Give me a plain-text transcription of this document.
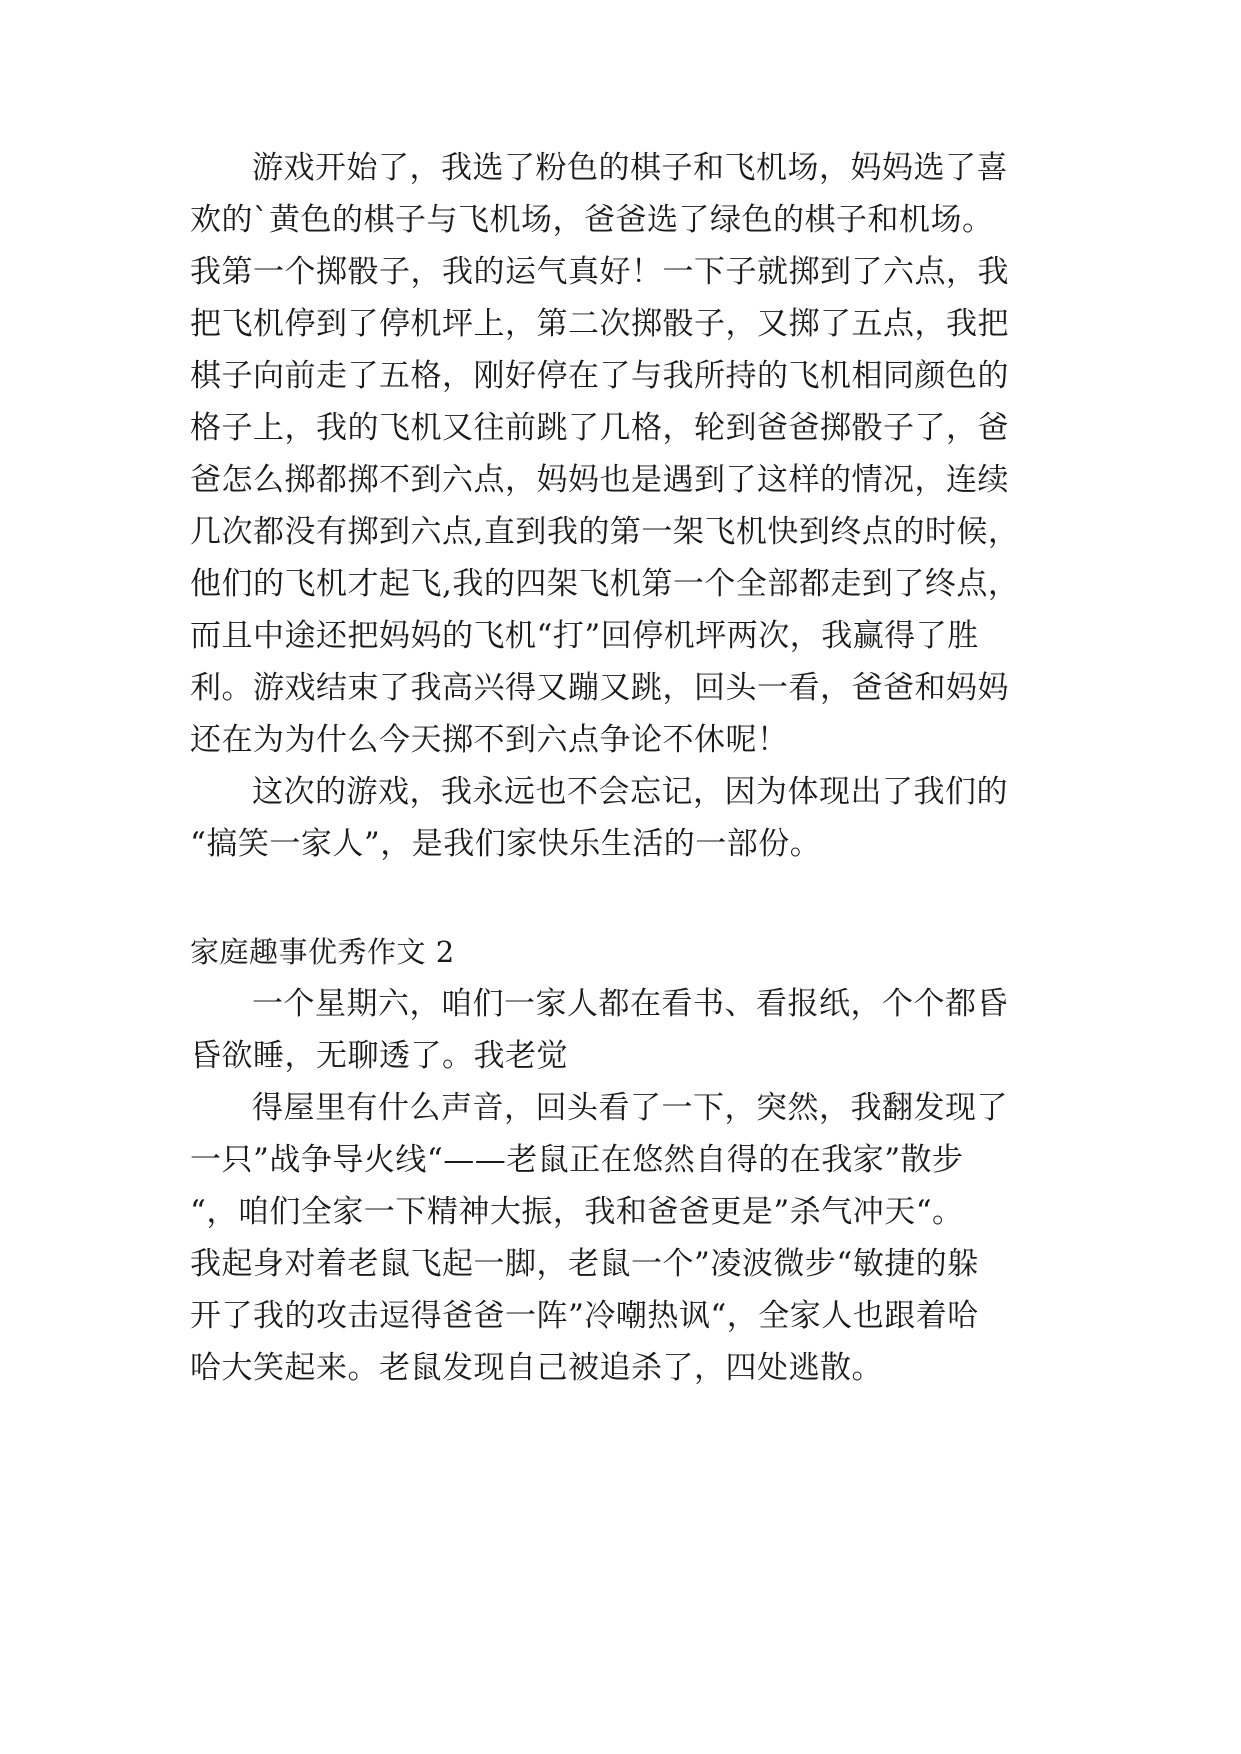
游戏开始了，我选了粉色的棋子和飞机场，妈妈选了喜
欢的`黄色的棋子与飞机场，爸爸选了绿色的棋子和机场。
我第一个掷骰子，我的运气真好！一下子就掷到了六点，我
把飞机停到了停机坪上，第二次掷骰子，又掷了五点，我把
棋子向前走了五格，刚好停在了与我所持的飞机相同颜色的
格子上，我的飞机又往前跳了几格，轮到爸爸掷骰子了，爸
爸怎么掷都掷不到六点，妈妈也是遇到了这样的情况，连续
几次都没有掷到六点,直到我的第一架飞机快到终点的时候，
他们的飞机才起飞,我的四架飞机第一个全部都走到了终点，
而且中途还把妈妈的飞机“打”回停机坪两次，我赢得了胜
利。游戏结束了我高兴得又蹦又跳，回头一看，爸爸和妈妈
还在为为什么今天掷不到六点争论不休呢！
这次的游戏，我永远也不会忘记，因为体现出了我们的
“搞笑一家人”，是我们家快乐生活的一部份。
家庭趣事优秀作文 2
一个星期六，咱们一家人都在看书、看报纸，个个都昏
昏欲睡，无聊透了。我老觉
得屋里有什么声音，回头看了一下，突然，我翻发现了
一只”战争导火线“——老鼠正在悠然自得的在我家”散步
“，咱们全家一下精神大振，我和爸爸更是”杀气冲天“。
我起身对着老鼠飞起一脚，老鼠一个”凌波微步“敏捷的躲
开了我的攻击逗得爸爸一阵”冷嘲热讽“，全家人也跟着哈
哈大笑起来。老鼠发现自己被追杀了，四处逃散。
